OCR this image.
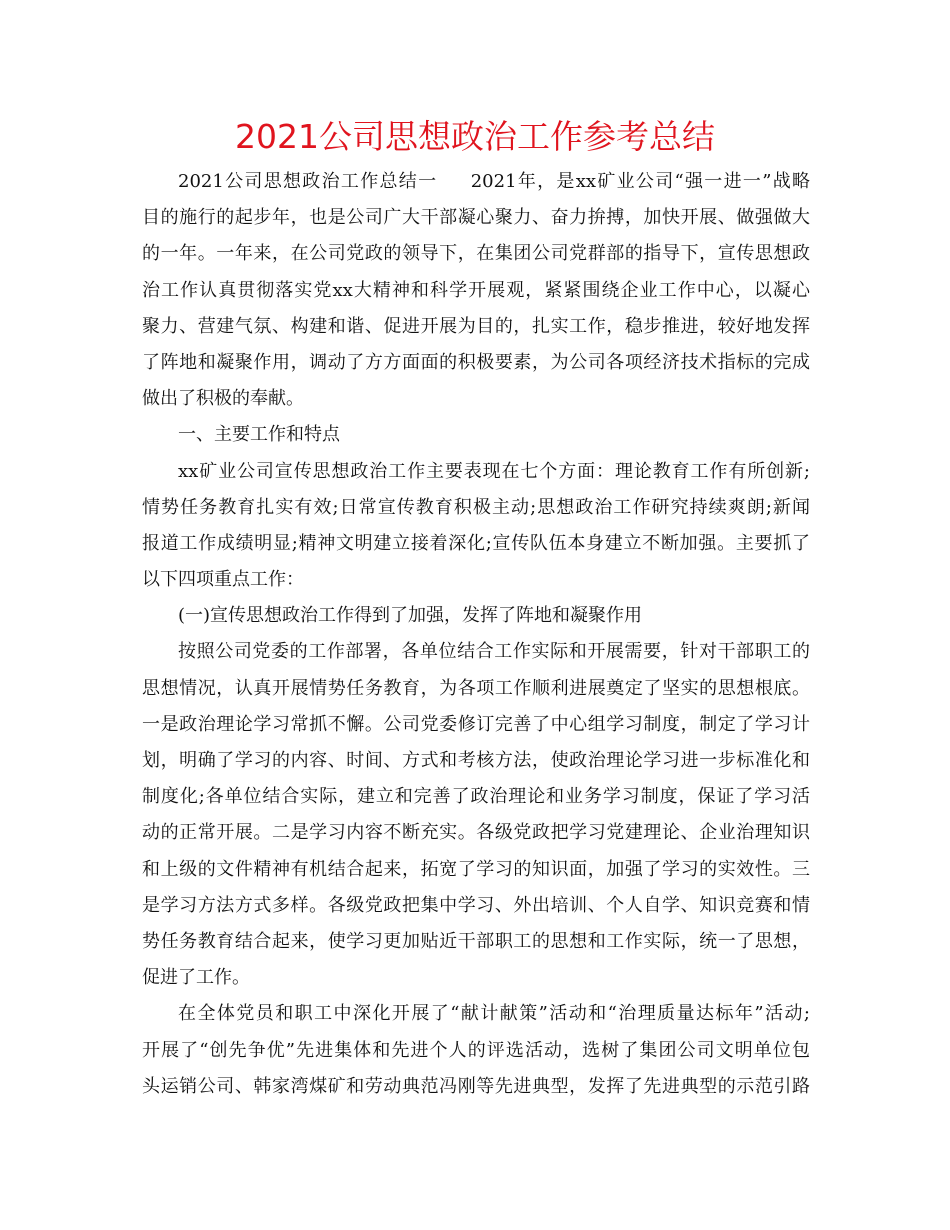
2021公司思想政治工作参考总结
2021公司思想政治工作总结一 　 2021年，是xx矿业公司“强一进一”战略
目的施行的起步年，也是公司广大干部凝心聚力、奋力拚搏，加快开展、做强做大
的一年。一年来，在公司党政的领导下，在集团公司党群部的指导下，宣传思想政
治工作认真贯彻落实党xx大精神和科学开展观，紧紧围绕企业工作中心，以凝心
聚力、营建气氛、构建和谐、促进开展为目的，扎实工作，稳步推进，较好地发挥
了阵地和凝聚作用，调动了方方面面的积极要素，为公司各项经济技术指标的完成
做出了积极的奉献。
一、主要工作和特点
xx矿业公司宣传思想政治工作主要表现在七个方面：理论教育工作有所创新;
情势任务教育扎实有效;日常宣传教育积极主动;思想政治工作研究持续爽朗;新闻
报道工作成绩明显;精神文明建立接着深化;宣传队伍本身建立不断加强。主要抓了
以下四项重点工作：
(一)宣传思想政治工作得到了加强，发挥了阵地和凝聚作用
按照公司党委的工作部署，各单位结合工作实际和开展需要，针对干部职工的
思想情况，认真开展情势任务教育，为各项工作顺利进展奠定了坚实的思想根底。
一是政治理论学习常抓不懈。公司党委修订完善了中心组学习制度，制定了学习计
划，明确了学习的内容、时间、方式和考核方法，使政治理论学习进一步标准化和
制度化;各单位结合实际，建立和完善了政治理论和业务学习制度，保证了学习活
动的正常开展。二是学习内容不断充实。各级党政把学习党建理论、企业治理知识
和上级的文件精神有机结合起来，拓宽了学习的知识面，加强了学习的实效性。三
是学习方法方式多样。各级党政把集中学习、外出培训、个人自学、知识竞赛和情
势任务教育结合起来，使学习更加贴近干部职工的思想和工作实际，统一了思想，
促进了工作。
在全体党员和职工中深化开展了“献计献策”活动和“治理质量达标年”活动;
开展了“创先争优”先进集体和先进个人的评选活动，选树了集团公司文明单位包
头运销公司、韩家湾煤矿和劳动典范冯刚等先进典型，发挥了先进典型的示范引路
